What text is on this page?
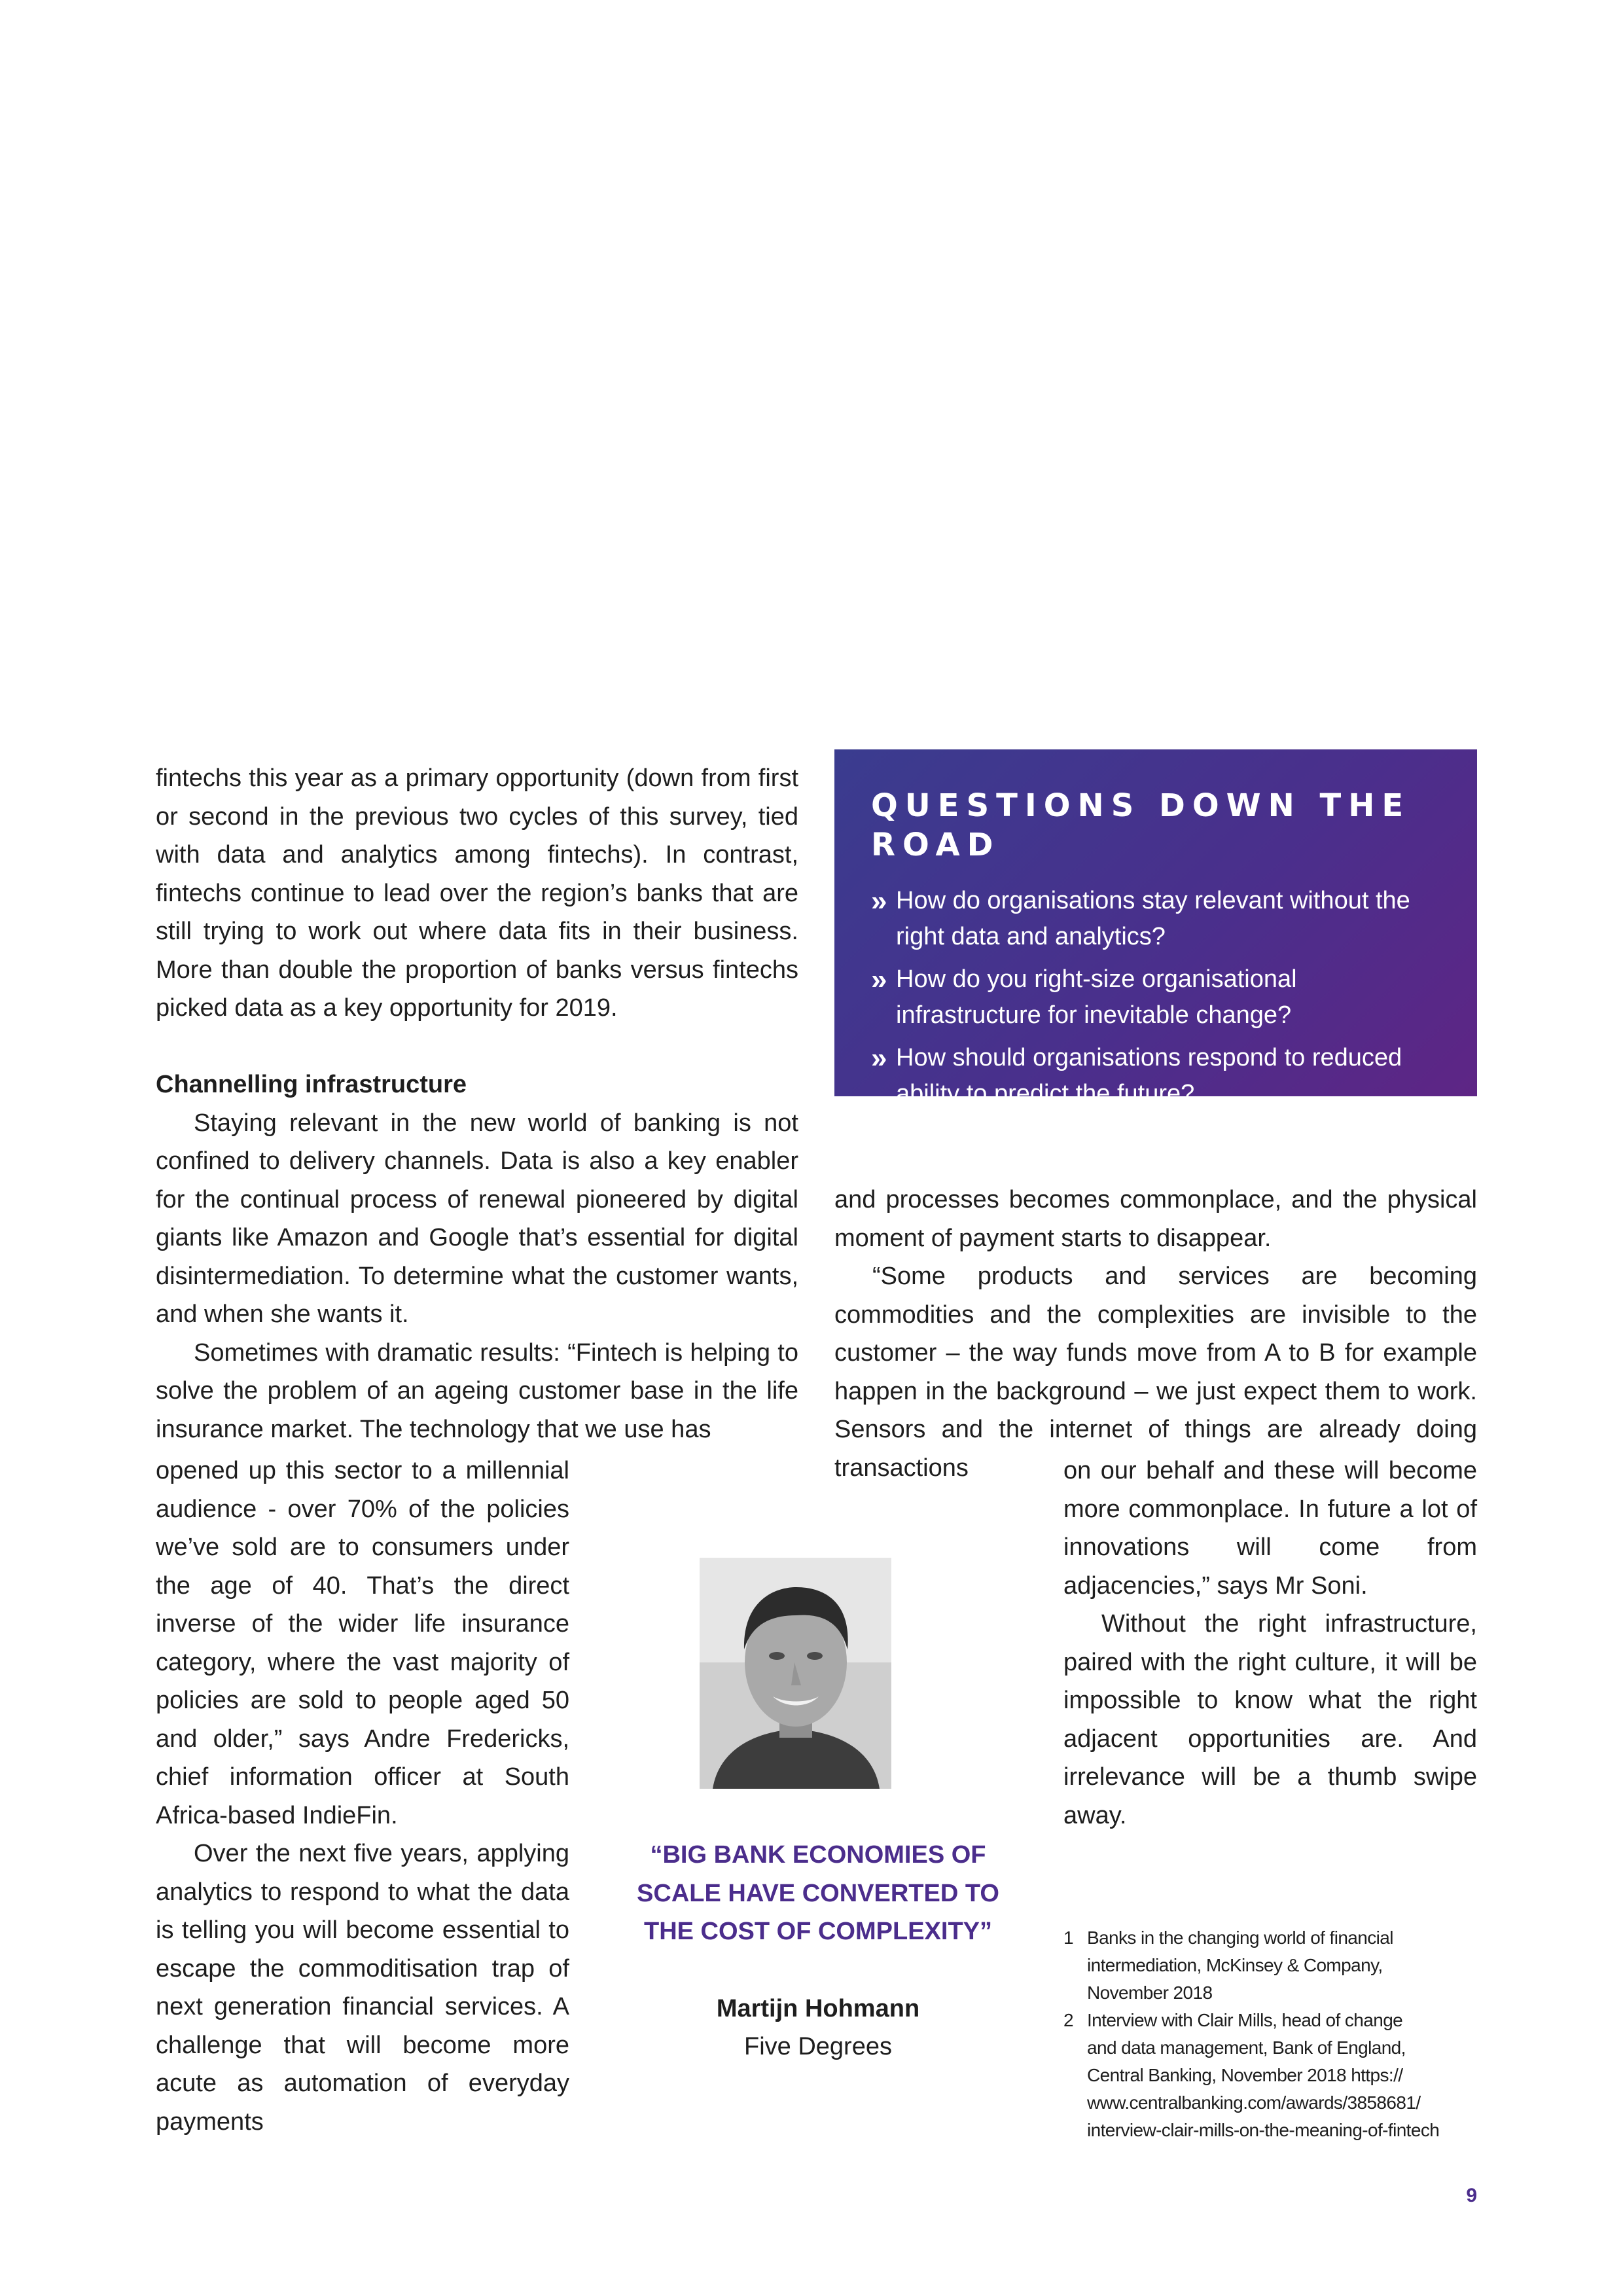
fintechs this year as a primary opportunity (down from first or second in the previous two cycles of this survey, tied with data and analytics among fintechs). In contrast, fintechs continue to lead over the region’s banks that are still trying to work out where data fits in their business. More than double the proportion of banks versus fintechs picked data as a key opportunity for 2019.

Channelling infrastructure

Staying relevant in the new world of banking is not confined to delivery channels. Data is also a key enabler for the continual process of renewal pioneered by digital giants like Amazon and Google that’s essential for digital disintermediation. To determine what the customer wants, and when she wants it.

Sometimes with dramatic results: “Fintech is helping to solve the problem of an ageing customer base in the life insurance market. The technology that we use has

opened up this sector to a millennial audience - over 70% of the policies we’ve sold are to consumers under the age of 40. That’s the direct inverse of the wider life insurance category, where the vast majority of policies are sold to people aged 50 and older,” says Andre Fredericks, chief information officer at South Africa-based IndieFin.

Over the next five years, applying analytics to respond to what the data is telling you will become essential to escape the commoditisation trap of next generation financial services. A challenge that will become more acute as automation of everyday payments

QUESTIONS DOWN THE ROAD
» How do organisations stay relevant without the right data and analytics?
» How do you right-size organisational infrastructure for inevitable change?
» How should organisations respond to reduced ability to predict the future?

and processes becomes commonplace, and the physical moment of payment starts to disappear.

“Some products and services are becoming commodities and the complexities are invisible to the customer – the way funds move from A to B for example happen in the background – we just expect them to work. Sensors and the internet of things are already doing transactions	on our behalf and these will become more commonplace. In future a lot of innovations will come from adjacencies,” says Mr Soni.

Without the right infrastructure, paired with the right culture, it will be impossible to know what the right adjacent opportunities are. And irrelevance will be a thumb swipe away.

“BIG BANK ECONOMIES OF
SCALE HAVE CONVERTED TO
THE COST OF COMPLEXITY”
Martijn Hohmann
Five Degrees
1 Banks in the changing world of financial
intermediation, McKinsey & Company,
November 2018
2 Interview with Clair Mills, head of change
and data management, Bank of England,
Central Banking, November 2018 https://
www.centralbanking.com/awards/3858681/
interview-clair-mills-on-the-meaning-of-fintech
9
